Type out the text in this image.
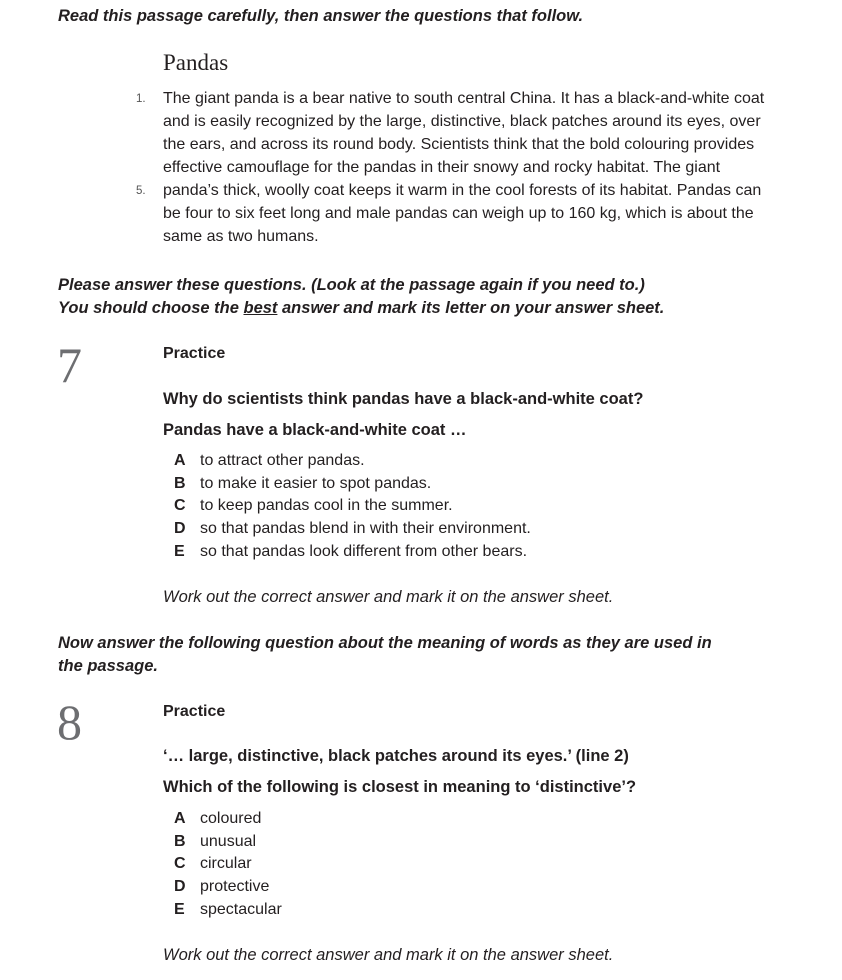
Read this passage carefully, then answer the questions that follow.
Pandas
1. The giant panda is a bear native to south central China. It has a black-and-white coat
and is easily recognized by the large, distinctive, black patches around its eyes, over
the ears, and across its round body. Scientists think that the bold colouring provides
effective camouflage for the pandas in their snowy and rocky habitat. The giant
5. panda’s thick, woolly coat keeps it warm in the cool forests of its habitat. Pandas can
be four to six feet long and male pandas can weigh up to 160 kg, which is about the
same as two humans.
Please answer these questions. (Look at the passage again if you need to.)
You should choose the best answer and mark its letter on your answer sheet.
7	Practice
Why do scientists think pandas have a black-and-white coat?
Pandas have a black-and-white coat …
A to attract other pandas.
B to make it easier to spot pandas.
C to keep pandas cool in the summer.
D so that pandas blend in with their environment.
E so that pandas look different from other bears.
Work out the correct answer and mark it on the answer sheet.
Now answer the following question about the meaning of words as they are used in
the passage.
8	Practice
‘… large, distinctive, black patches around its eyes.’ (line 2)
Which of the following is closest in meaning to ‘distinctive’?
A coloured
B unusual
C circular
D protective
E spectacular
Work out the correct answer and mark it on the answer sheet.
